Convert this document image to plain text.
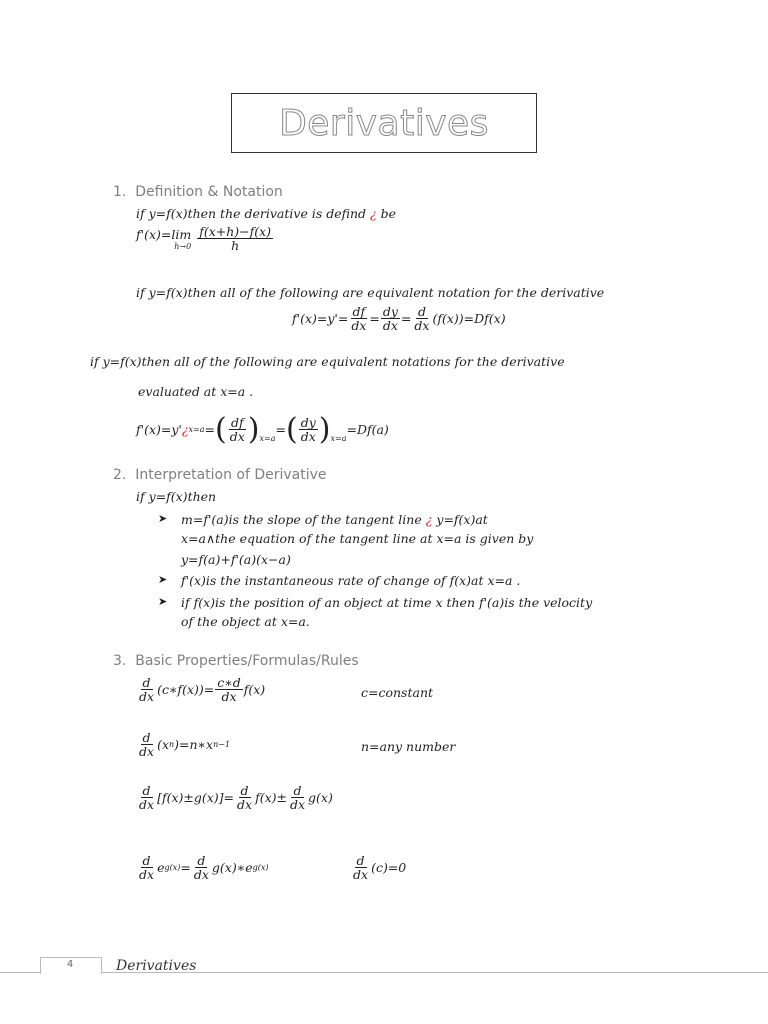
Derivatives
1. Definition & Notation
if y=f(x)then the derivative is defind ¿ be
f'(x)=lim
$h\to 0 \frac{f(x+h)-f(x)}{h}$
if y=f(x)then all of the following are equivalent notation for the derivative
$f'(x)=y'= \frac{df}{dx} = \frac{dy}{dx} = \frac{d}{dx} (f(x))=Df(x)$
if y=f(x)then all of the following are equivalent notations for the derivative
evaluated at x=a .
f'(x)=y' ¿ x=a = ( $\frac{df}{dx}$ ) x=a
= ( $\frac{dy}{dx}$ ) x=a
=Df(a)
2. Interpretation of Derivative
if y=f(x)then
➤ m=f'(a)is the slope of the tangent line ¿ y=f(x)at
x=a∧the equation of the tangent line at x=a is given by
y=f(a)+f'(a)(x−a)
➤ f'(x)is the instantaneous rate of change of f(x)at x=a .
➤ if f(x)is the position of an object at time x then f'(a)is the velocity
of the object at x=a.
3. Basic Properties/Formulas/Rules
$\frac{d}{dx}$ (c∗f(x))= $\frac{c∗d}{dx} f(x)$	c=constant
$\frac{d}{dx} (x$ n )=n∗x n−1	n=any number
$\frac{d}{dx} [f(x)\pm g(x)]= \frac{d}{dx} f(x)\pm \frac{d}{dx} g(x)$
$\frac{d}{dx}$ e $g(x) = \frac{d}{dx}$ g(x)∗e g(x)	$\frac{d}{dx} (c)=0$
4	Derivatives
